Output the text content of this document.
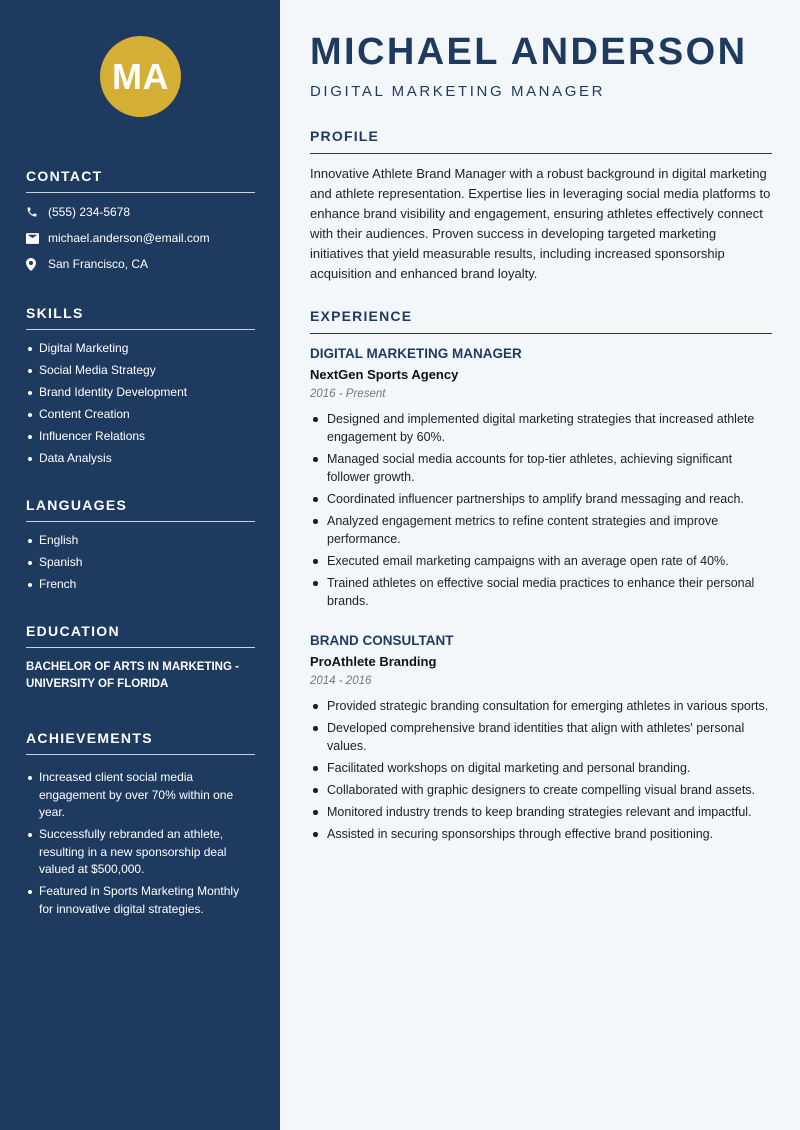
MA
CONTACT
(555) 234-5678
michael.anderson@email.com
San Francisco, CA
SKILLS
Digital Marketing
Social Media Strategy
Brand Identity Development
Content Creation
Influencer Relations
Data Analysis
LANGUAGES
English
Spanish
French
EDUCATION
BACHELOR OF ARTS IN MARKETING - UNIVERSITY OF FLORIDA
ACHIEVEMENTS
Increased client social media engagement by over 70% within one year.
Successfully rebranded an athlete, resulting in a new sponsorship deal valued at $500,000.
Featured in Sports Marketing Monthly for innovative digital strategies.
MICHAEL ANDERSON
DIGITAL MARKETING MANAGER
PROFILE

Innovative Athlete Brand Manager with a robust background in digital marketing and athlete representation. Expertise lies in leveraging social media platforms to enhance brand visibility and engagement, ensuring athletes effectively connect with their audiences. Proven success in developing targeted marketing initiatives that yield measurable results, including increased sponsorship acquisition and enhanced brand loyalty.

EXPERIENCE
DIGITAL MARKETING MANAGER
NextGen Sports Agency
2016 - Present
Designed and implemented digital marketing strategies that increased athlete engagement by 60%.
Managed social media accounts for top-tier athletes, achieving significant follower growth.
Coordinated influencer partnerships to amplify brand messaging and reach.
Analyzed engagement metrics to refine content strategies and improve performance.
Executed email marketing campaigns with an average open rate of 40%.
Trained athletes on effective social media practices to enhance their personal brands.
BRAND CONSULTANT
ProAthlete Branding
2014 - 2016
Provided strategic branding consultation for emerging athletes in various sports.
Developed comprehensive brand identities that align with athletes' personal values.
Facilitated workshops on digital marketing and personal branding.
Collaborated with graphic designers to create compelling visual brand assets.
Monitored industry trends to keep branding strategies relevant and impactful.
Assisted in securing sponsorships through effective brand positioning.
